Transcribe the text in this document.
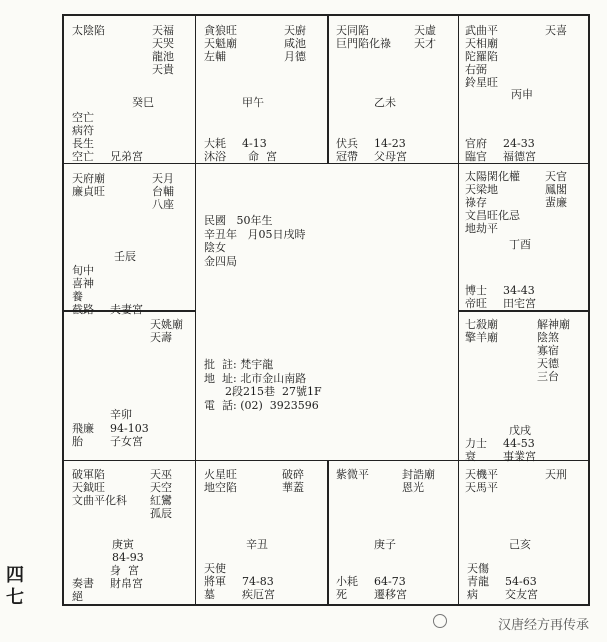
太陰陷	天福
天哭
龍池
天貴
癸巳
空亡
病符
長生
空亡 兄弟宮
貪狼旺
天魁廟
左輔
天廚
咸池
月德
甲午
大耗
沐浴
4-13
命  宮
天同陷
巨門陷化祿
天虛
天才
乙未
伏兵
冠帶
14-23
父母宮
武曲平
天相廟
陀羅陷
右弼
鈴星旺
天喜
丙申
官府
臨官
24-33
福德宮
天府廟
廉貞旺
天月
台輔
八座
壬辰
旬中
喜神
養
截路 夫妻宮
太陽閑化權
天梁地
祿存
文昌旺化忌
地劫平
天官
鳳閣
蜚廉
丁酉
博士
帝旺
34-43
田宅宮
天姚廟
天壽
辛卯
飛廉
胎
94-103
子女宮
七殺廟
擎羊廟
解神廟
陰煞
寡宿
天德
三台
戊戌
力士
衰
44-53
事業宮
破軍陷
天鉞旺
文曲平化科
天巫
天空
紅鸞
孤辰
庚寅
奏書
絕
84-93
身  宮
財帛宮
火星旺
地空陷
破碎
華蓋
辛丑
天使
將軍
墓
74-83
疾厄宮
紫微平	封誥廟
恩光
庚子
小耗
死
64-73
遷移宮
天機平
天馬平
天刑
己亥
天傷
青龍
病
54-63
交友宮
民國   50年生
辛丑年   月05日戌時
陰女
金四局
批  註: 梵宇龍
地  址: 北市金山南路
2段215巷  27號1F
電  話: (02)  3923596
四
七
汉唐经方再传承
